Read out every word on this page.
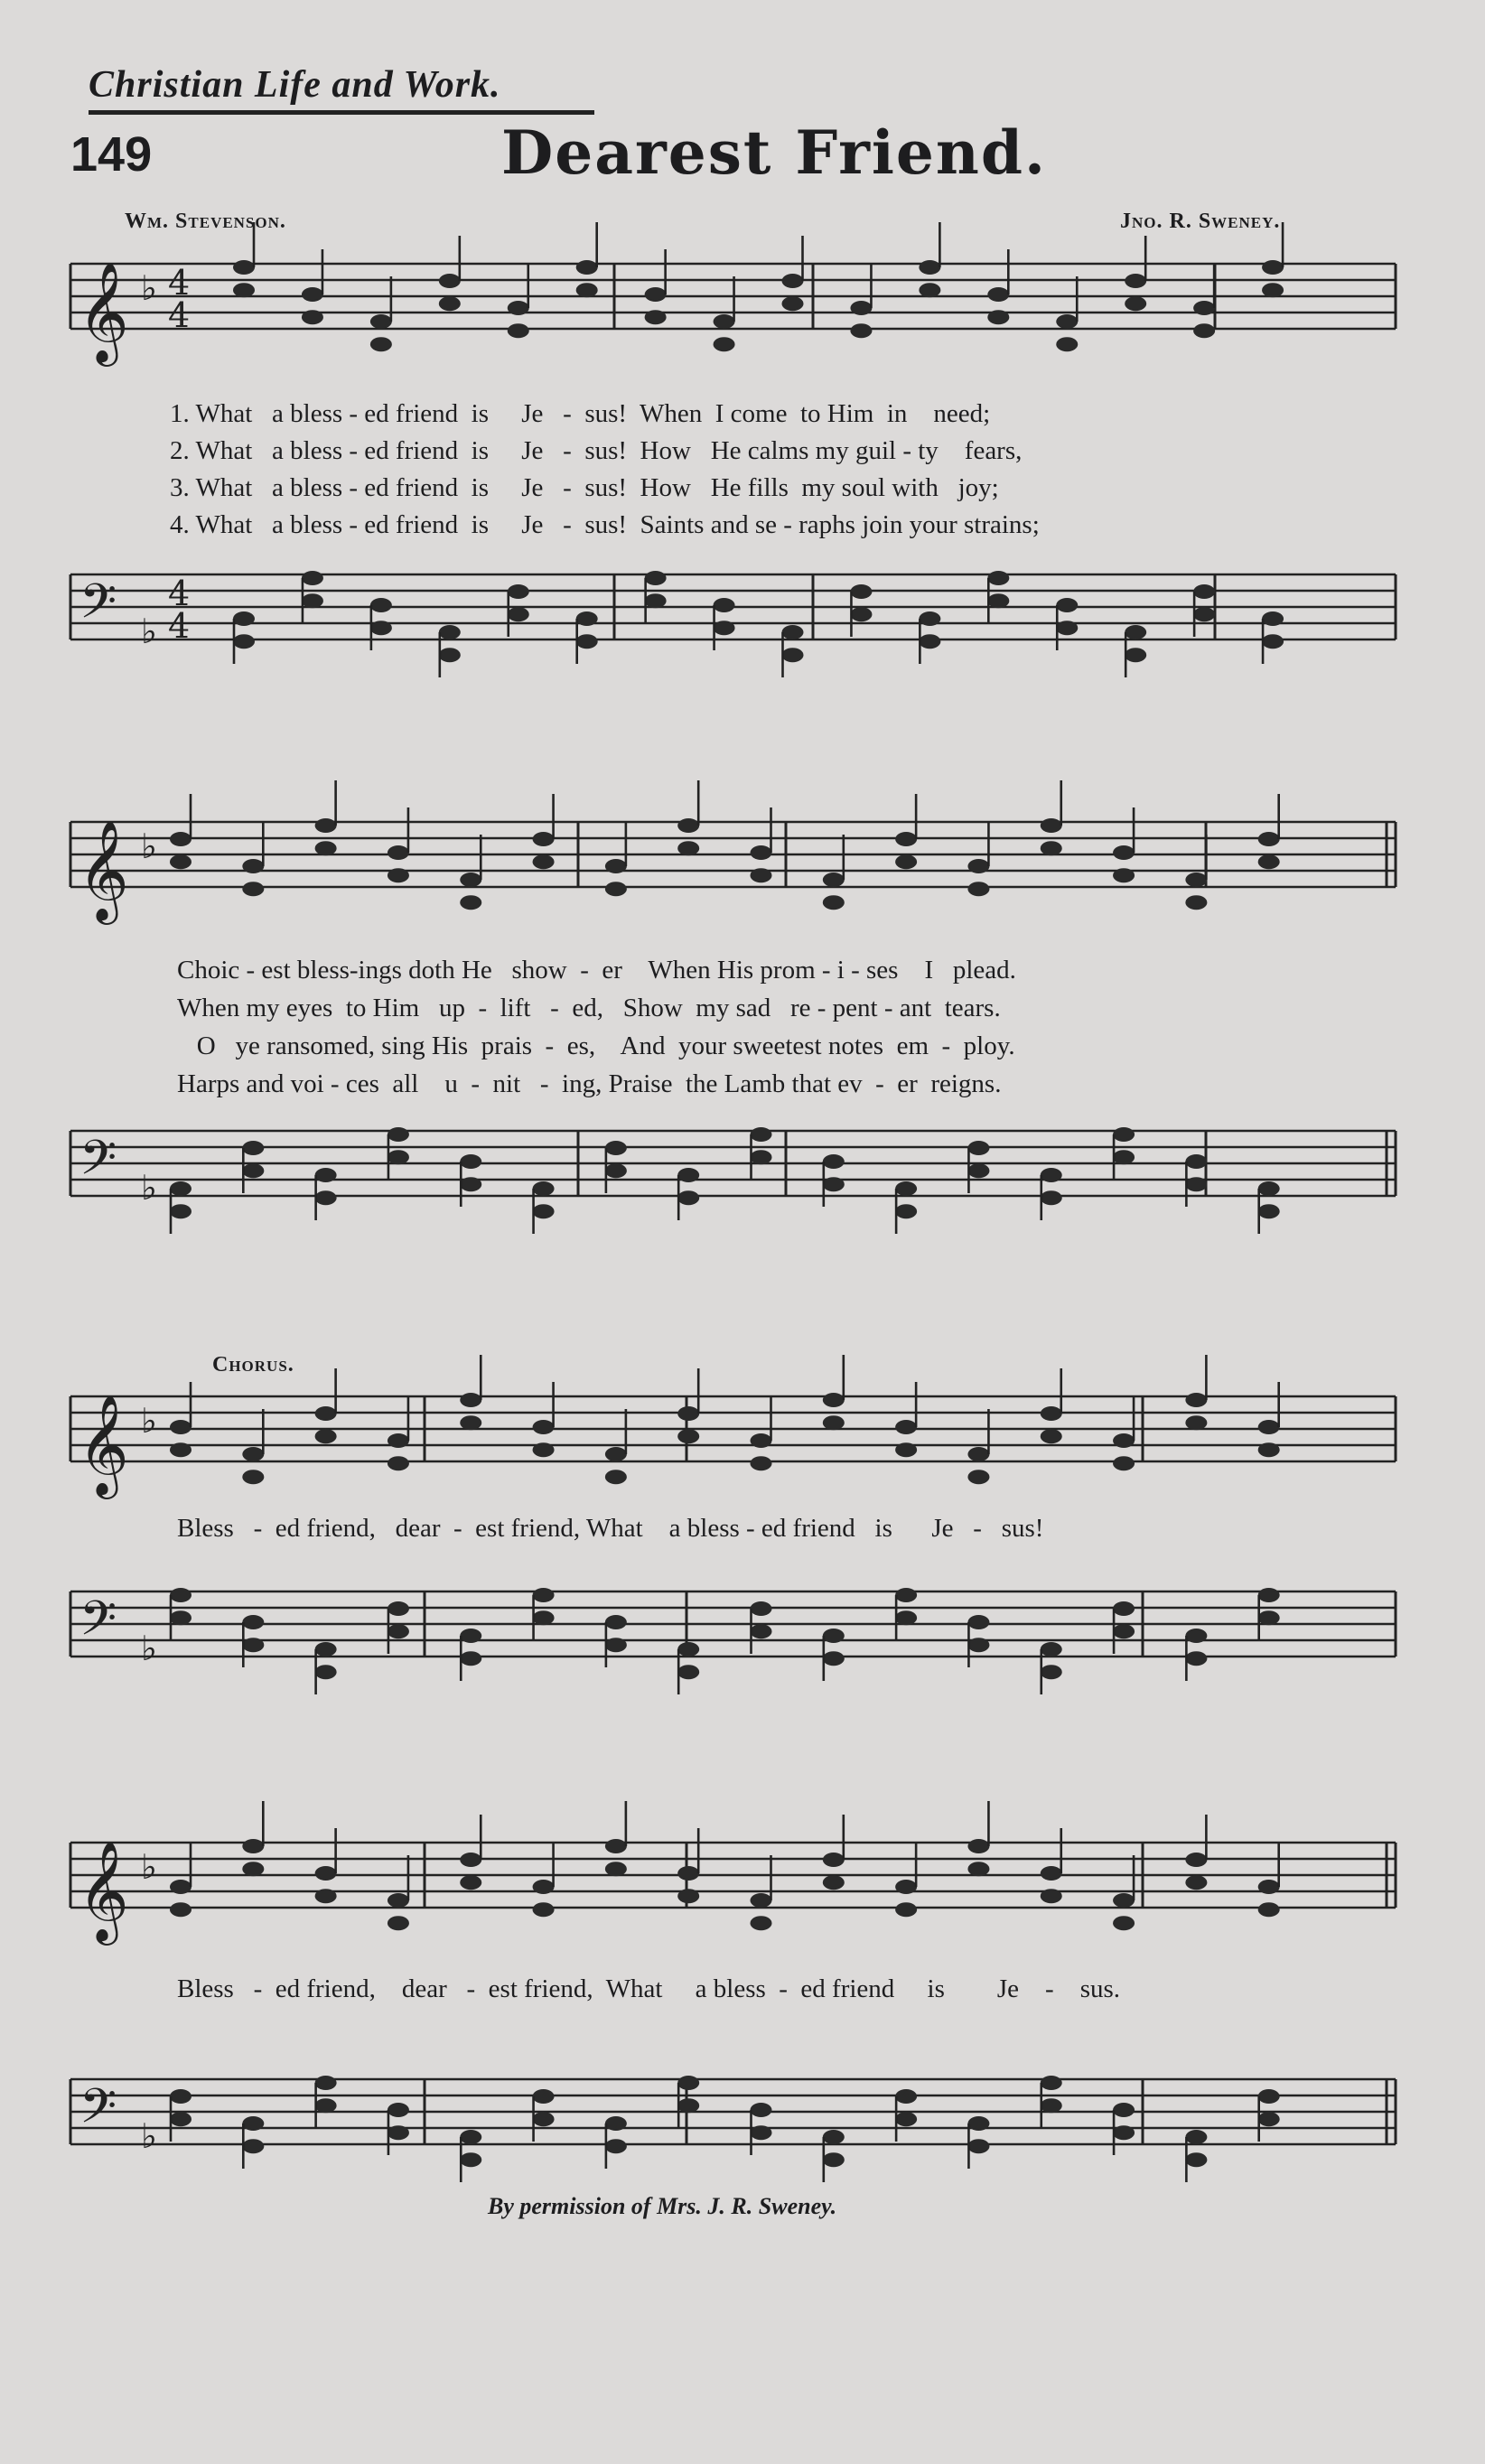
Christian Life and Work.
149	Dearest Friend.
Wm. Stevenson.	Jno. R. Sweney.
𝄞 ♭ 4
4
𝄢 ♭
4
4
𝄞 ♭
𝄢 ♭
𝄞 ♭
𝄢 ♭
𝄞 ♭
𝄢 ♭
1. What   a bless - ed friend  is     Je   -  sus!  When  I come  to Him  in    need;
2. What   a bless - ed friend  is     Je   -  sus!  How   He calms my guil - ty    fears,
3. What   a bless - ed friend  is     Je   -  sus!  How   He fills  my soul with   joy;
4. What   a bless - ed friend  is     Je   -  sus!  Saints and se - raphs join your strains;
Choic - est bless-ings doth He   show  -  er    When His prom - i - ses    I   plead.
When my eyes  to Him   up  -  lift   -  ed,   Show  my sad   re - pent - ant  tears.
O   ye ransomed, sing His  prais  -  es,    And  your sweetest notes  em  -  ploy.
Harps and voi - ces  all    u  -  nit   -  ing, Praise  the Lamb that ev  -  er  reigns.
Chorus.
Bless   -  ed friend,   dear  -  est friend, What    a bless - ed friend   is      Je   -   sus!
Bless   -  ed friend,    dear   -  est friend,  What     a bless  -  ed friend     is        Je    -    sus.
By permission of Mrs. J. R. Sweney.
